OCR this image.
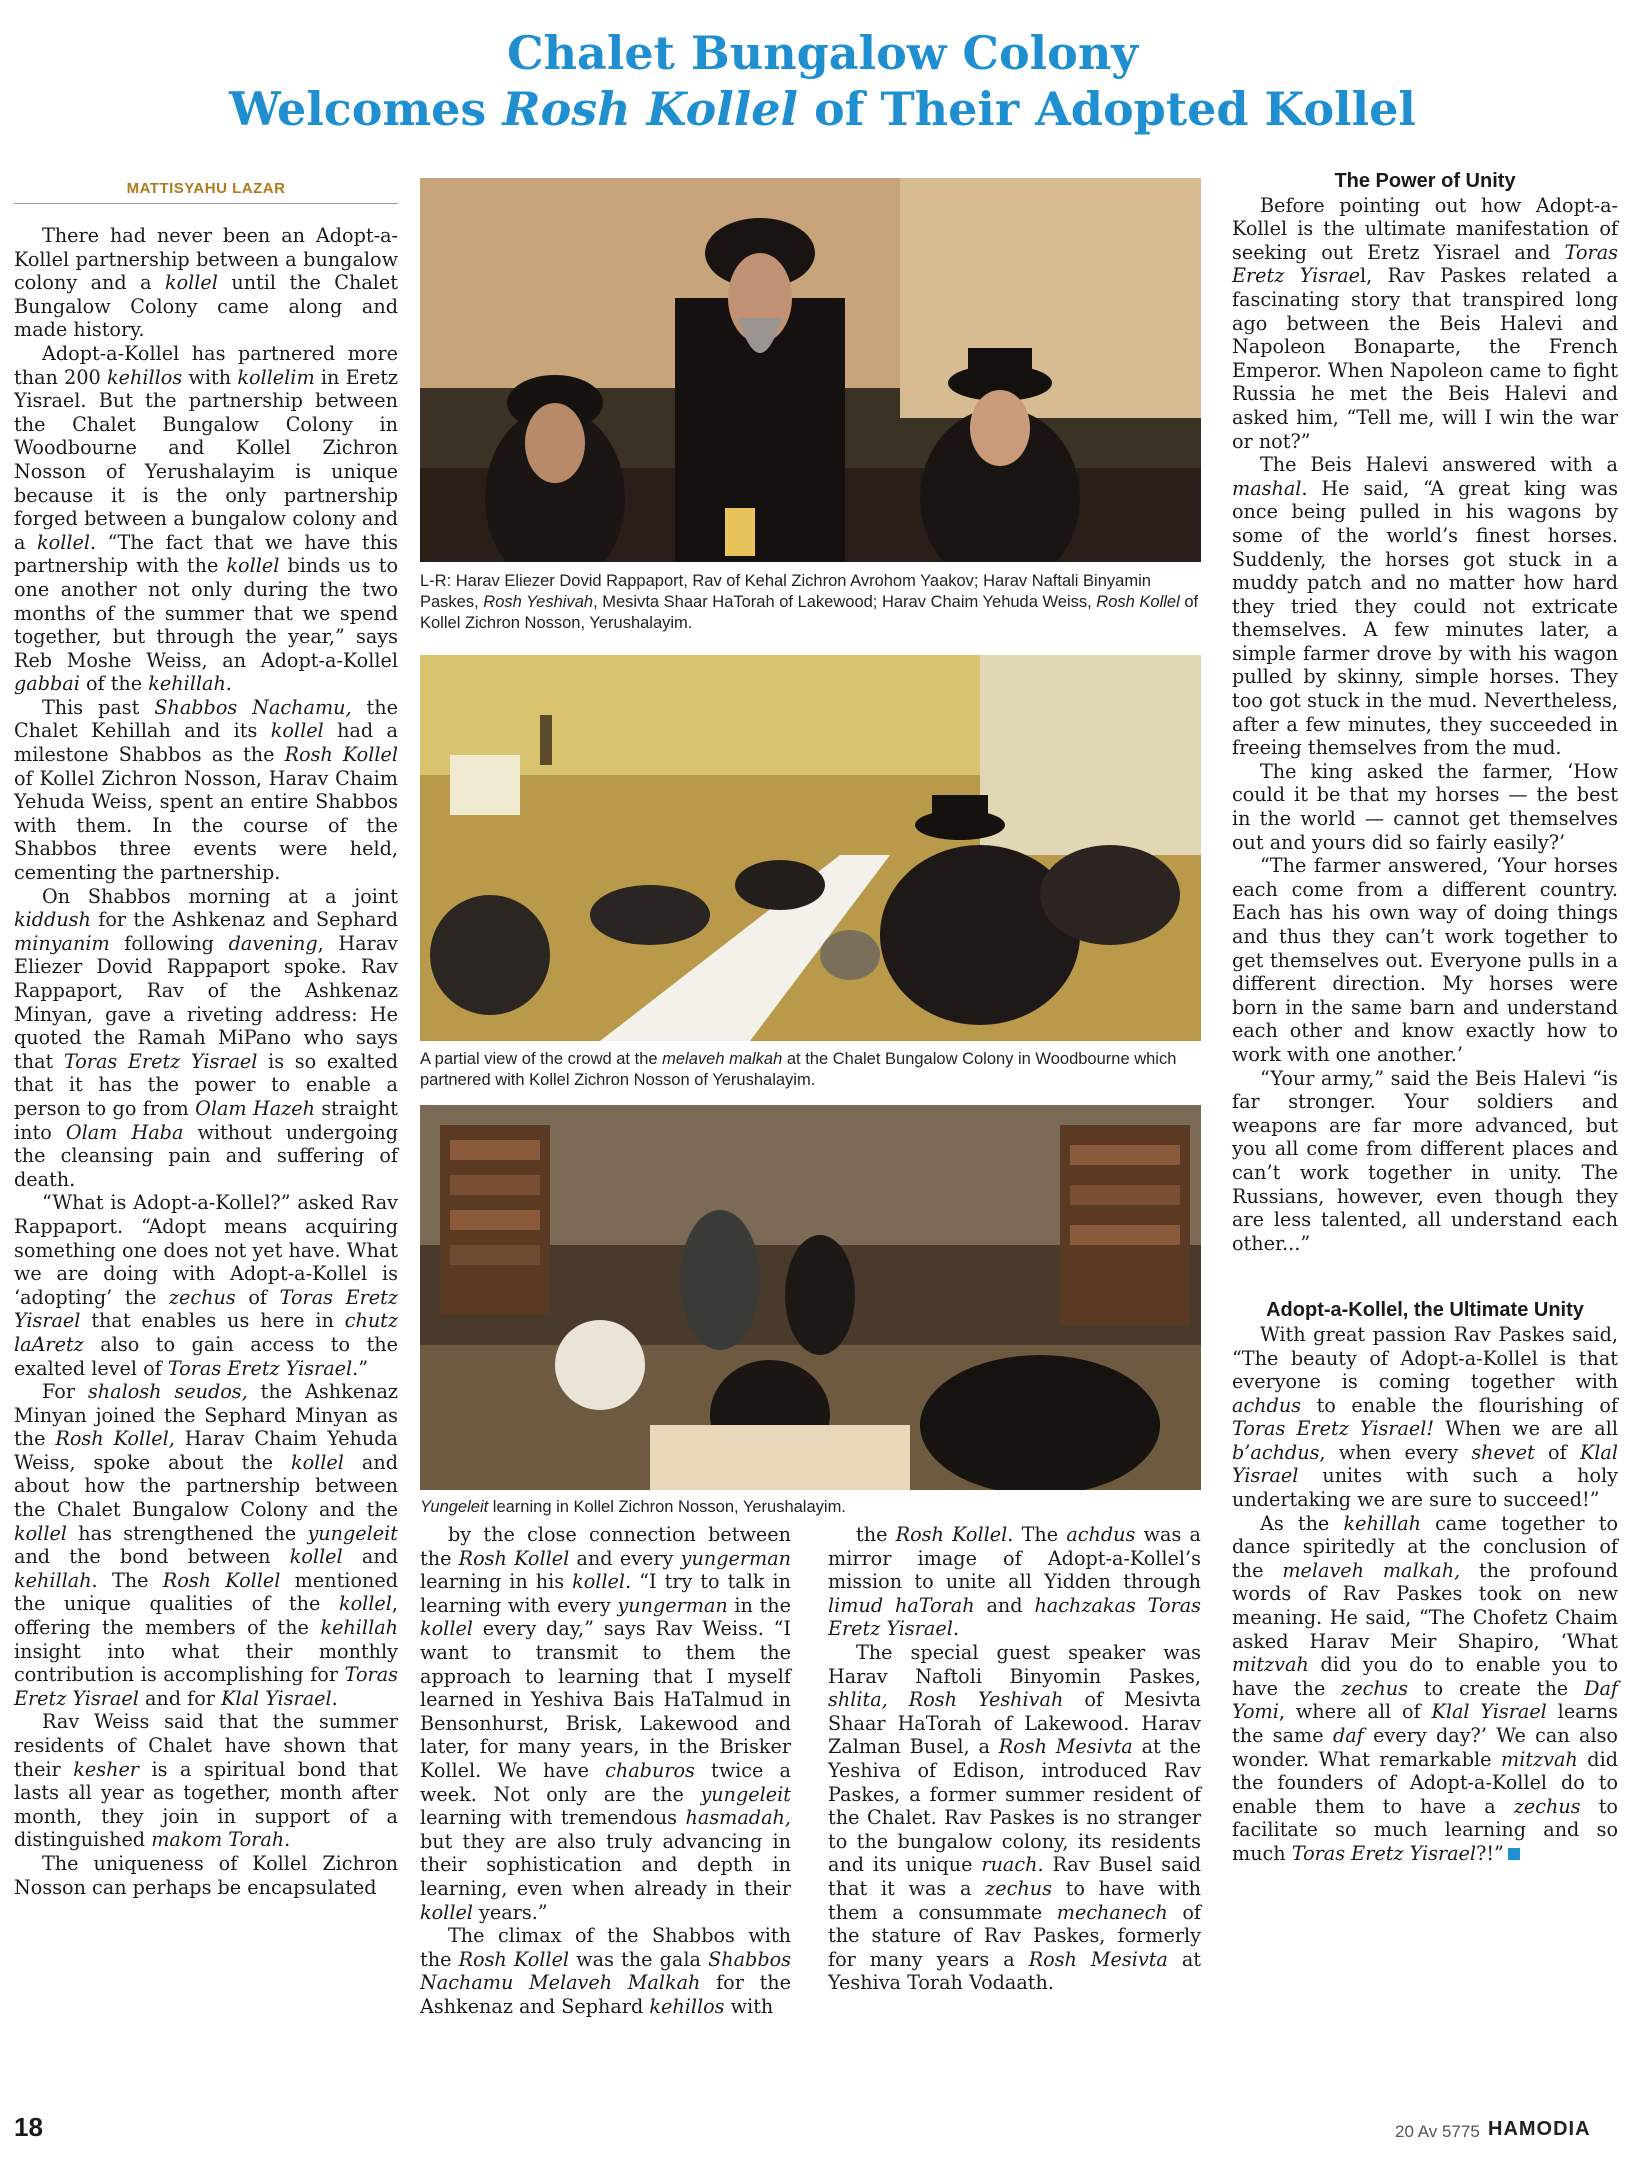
Chalet Bungalow Colony
Welcomes Rosh Kollel of Their Adopted Kollel
MATTISYAHU LAZAR

There had never been an Adopt-a-Kollel partnership between a bungalow colony and a kollel until the Chalet Bungalow Colony came along and made history.

Adopt-a-Kollel has partnered more than 200 kehillos with kollelim in Eretz Yisrael. But the partnership between the Chalet Bungalow Colony in Woodbourne and Kollel Zichron Nosson of Yerushalayim is unique because it is the only partnership forged between a bungalow colony and a kollel. “The fact that we have this partnership with the kollel binds us to one another not only during the two months of the summer that we spend together, but through the year,” says Reb Moshe Weiss, an Adopt-a-Kollel gabbai of the kehillah.

This past Shabbos Nachamu, the Chalet Kehillah and its kollel had a milestone Shabbos as the Rosh Kollel of Kollel Zichron Nosson, Harav Chaim Yehuda Weiss, spent an entire Shabbos with them. In the course of the Shabbos three events were held, cementing the partnership.

On Shabbos morning at a joint kiddush for the Ashkenaz and Sephard minyanim following davening, Harav Eliezer Dovid Rappaport spoke. Rav Rappaport, Rav of the Ashkenaz Minyan, gave a riveting address: He quoted the Ramah MiPano who says that Toras Eretz Yisrael is so exalted that it has the power to enable a person to go from Olam Hazeh straight into Olam Haba without undergoing the cleansing pain and suffering of death.

“What is Adopt-a-Kollel?” asked Rav Rappaport. “Adopt means acquiring something one does not yet have. What we are doing with Adopt-a-Kollel is ‘adopting’ the zechus of Toras Eretz Yisrael that enables us here in chutz laAretz also to gain access to the exalted level of Toras Eretz Yisrael.”

For shalosh seudos, the Ashkenaz Minyan joined the Sephard Minyan as the Rosh Kollel, Harav Chaim Yehuda Weiss, spoke about the kollel and about how the partnership between the Chalet Bungalow Colony and the kollel has strengthened the yungeleit and the bond between kollel and kehillah. The Rosh Kollel mentioned the unique qualities of the kollel, offering the members of the kehillah insight into what their monthly contribution is accomplishing for Toras Eretz Yisrael and for Klal Yisrael.

Rav Weiss said that the summer residents of Chalet have shown that their kesher is a spiritual bond that lasts all year as together, month after month, they join in support of a distinguished makom Torah.

The uniqueness of Kollel Zichron Nosson can perhaps be encapsulated

L-R: Harav Eliezer Dovid Rappaport, Rav of Kehal Zichron Avrohom Yaakov; Harav Naftali Binyamin Paskes, Rosh Yeshivah, Mesivta Shaar HaTorah of Lakewood; Harav Chaim Yehuda Weiss, Rosh Kollel of Kollel Zichron Nosson, Yerushalayim.
A partial view of the crowd at the melaveh malkah at the Chalet Bungalow Colony in Woodbourne which partnered with Kollel Zichron Nosson of Yerushalayim.
Yungeleit learning in Kollel Zichron Nosson, Yerushalayim.

by the close connection between the Rosh Kollel and every yungerman learning in his kollel. “I try to talk in learning with every yungerman in the kollel every day,” says Rav Weiss. “I want to transmit to them the approach to learning that I myself learned in Yeshiva Bais HaTalmud in Bensonhurst, Brisk, Lakewood and later, for many years, in the Brisker Kollel. We have chaburos twice a week. Not only are the yungeleit learning with tremendous hasmadah, but they are also truly advancing in their sophistication and depth in learning, even when already in their kollel years.”

The climax of the Shabbos with the Rosh Kollel was the gala Shabbos Nachamu Melaveh Malkah for the Ashkenaz and Sephard kehillos with

the Rosh Kollel. The achdus was a mirror image of Adopt-a-Kollel’s mission to unite all Yidden through limud haTorah and hachzakas Toras Eretz Yisrael.

The special guest speaker was Harav Naftoli Binyomin Paskes, shlita, Rosh Yeshivah of Mesivta Shaar HaTorah of Lakewood. Harav Zalman Busel, a Rosh Mesivta at the Yeshiva of Edison, introduced Rav Paskes, a former summer resident of the Chalet. Rav Paskes is no stranger to the bungalow colony, its residents and its unique ruach. Rav Busel said that it was a zechus to have with them a consummate mechanech of the stature of Rav Paskes, formerly for many years a Rosh Mesivta at Yeshiva Torah Vodaath.

The Power of Unity

Before pointing out how Adopt-a-Kollel is the ultimate manifestation of seeking out Eretz Yisrael and Toras Eretz Yisrael, Rav Paskes related a fascinating story that transpired long ago between the Beis Halevi and Napoleon Bonaparte, the French Emperor. When Napoleon came to fight Russia he met the Beis Halevi and asked him, “Tell me, will I win the war or not?”

The Beis Halevi answered with a mashal. He said, “A great king was once being pulled in his wagons by some of the world’s finest horses. Suddenly, the horses got stuck in a muddy patch and no matter how hard they tried they could not extricate themselves. A few minutes later, a simple farmer drove by with his wagon pulled by skinny, simple horses. They too got stuck in the mud. Nevertheless, after a few minutes, they succeeded in freeing themselves from the mud.

The king asked the farmer, ‘How could it be that my horses — the best in the world — cannot get themselves out and yours did so fairly easily?’

“The farmer answered, ‘Your horses each come from a different country. Each has his own way of doing things and thus they can’t work together to get themselves out. Everyone pulls in a different direction. My horses were born in the same barn and understand each other and know exactly how to work with one another.’

“Your army,” said the Beis Halevi “is far stronger. Your soldiers and weapons are far more advanced, but you all come from different places and can’t work together in unity. The Russians, however, even though they are less talented, all understand each other...”

Adopt-a-Kollel, the Ultimate Unity

With great passion Rav Paskes said, “The beauty of Adopt-a-Kollel is that everyone is coming together with achdus to enable the flourishing of Toras Eretz Yisrael! When we are all b’achdus, when every shevet of Klal Yisrael unites with such a holy undertaking we are sure to succeed!”

As the kehillah came together to dance spiritedly at the conclusion of the melaveh malkah, the profound words of Rav Paskes took on new meaning. He said, “The Chofetz Chaim asked Harav Meir Shapiro, ‘What mitzvah did you do to enable you to have the zechus to create the Daf Yomi, where all of Klal Yisrael learns the same daf every day?’ We can also wonder. What remarkable mitzvah did the founders of Adopt-a-Kollel do to enable them to have a zechus to facilitate so much learning and so much Toras Eretz Yisrael?!”

18	20 Av 5775 HAMODIA
